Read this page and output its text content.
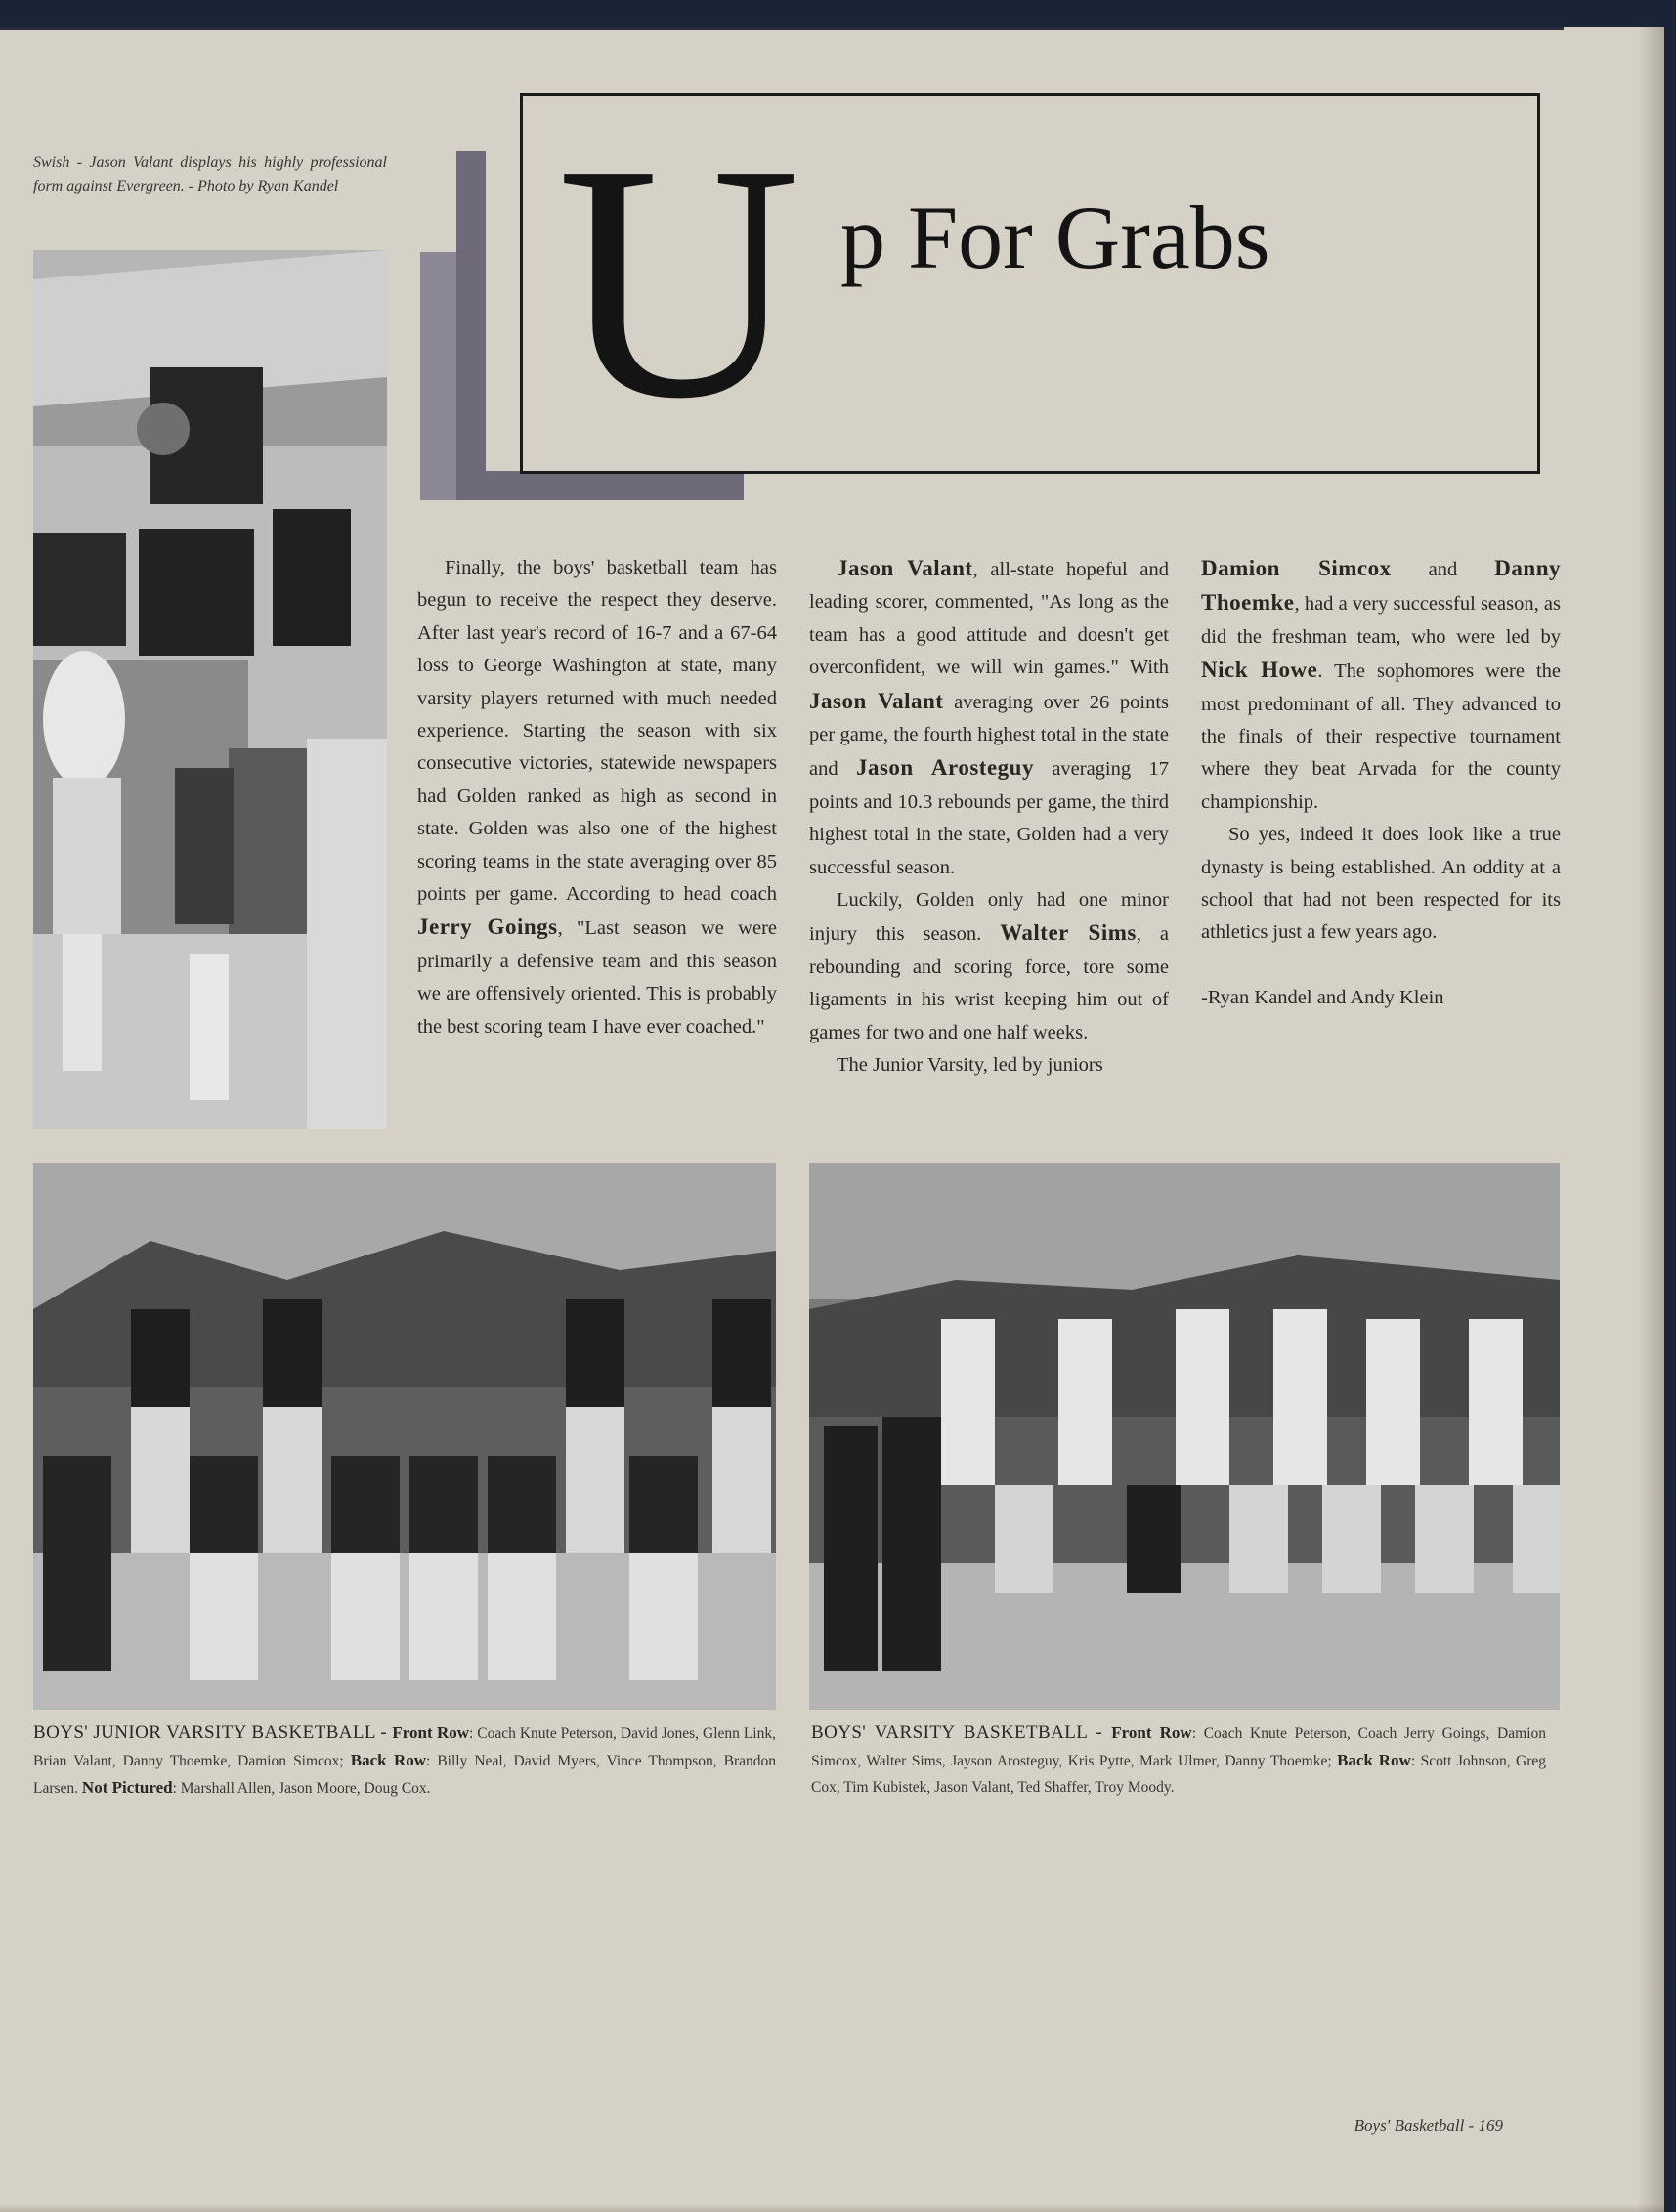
Swish - Jason Valant displays his highly professional form against Evergreen. - Photo by Ryan Kandel U p For Grabs

Finally, the boys' basketball team has begun to receive the respect they deserve. After last year's record of 16-7 and a 67-64 loss to George Washington at state, many varsity players returned with much needed experience. Starting the season with six consecutive victories, statewide newspapers had Golden ranked as high as second in state. Golden was also one of the highest scoring teams in the state averaging over 85 points per game. According to head coach Jerry Goings, "Last season we were primarily a defensive team and this season we are offensively oriented. This is probably the best scoring team I have ever coached."

Jason Valant, all-state hopeful and leading scorer, commented, "As long as the team has a good attitude and doesn't get overconfident, we will win games." With Jason Valant averaging over 26 points per game, the fourth highest total in the state and Jason Arosteguy averaging 17 points and 10.3 rebounds per game, the third highest total in the state, Golden had a very successful season.

Luckily, Golden only had one minor injury this season. Walter Sims, a rebounding and scoring force, tore some ligaments in his wrist keeping him out of games for two and one half weeks.

The Junior Varsity, led by juniors

Damion Simcox and Danny Thoemke, had a very successful season, as did the freshman team, who were led by Nick Howe. The sophomores were the most predominant of all. They advanced to the finals of their respective tournament where they beat Arvada for the county championship.

So yes, indeed it does look like a true dynasty is being established. An oddity at a school that had not been respected for its athletics just a few years ago.

-Ryan Kandel and Andy Klein

BOYS' JUNIOR VARSITY BASKETBALL - Front Row: Coach Knute Peterson, David Jones, Glenn Link, Brian Valant, Danny Thoemke, Damion Simcox; Back Row: Billy Neal, David Myers, Vince Thompson, Brandon Larsen. Not Pictured: Marshall Allen, Jason Moore, Doug Cox.
BOYS' VARSITY BASKETBALL - Front Row: Coach Knute Peterson, Coach Jerry Goings, Damion Simcox, Walter Sims, Jayson Arosteguy, Kris Pytte, Mark Ulmer, Danny Thoemke; Back Row: Scott Johnson, Greg Cox, Tim Kubistek, Jason Valant, Ted Shaffer, Troy Moody.
Boys' Basketball - 169
